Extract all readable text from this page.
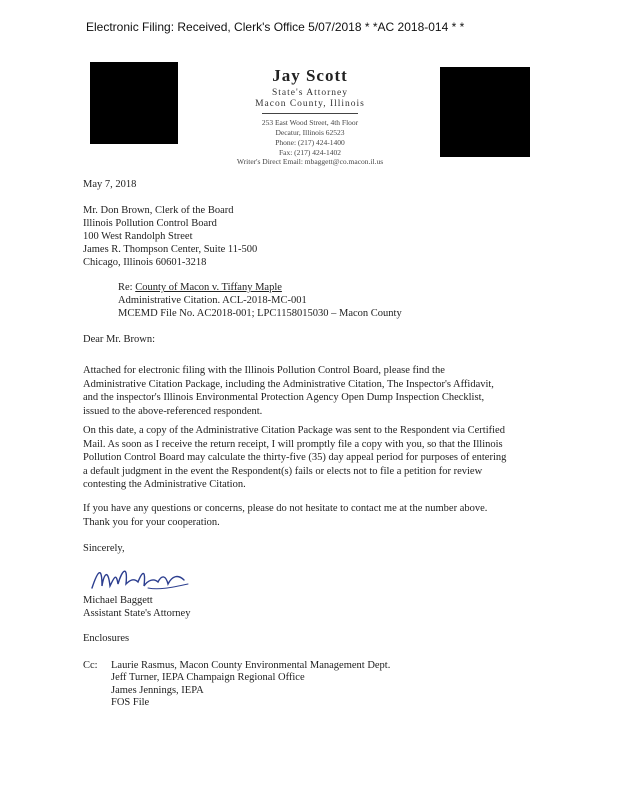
Electronic Filing: Received, Clerk's Office 5/07/2018 * *AC 2018-014 * *
Jay Scott
State's Attorney
Macon County, Illinois
253 East Wood Street, 4th Floor
Decatur, Illinois 62523
Phone: (217) 424-1400
Fax: (217) 424-1402
Writer's Direct Email: mbaggett@co.macon.il.us
May 7, 2018
Mr. Don Brown, Clerk of the Board
Illinois Pollution Control Board
100 West Randolph Street
James R. Thompson Center, Suite 11-500
Chicago, Illinois 60601-3218
Re: County of Macon v. Tiffany Maple
Administrative Citation. ACL-2018-MC-001
MCEMD File No. AC2018-001; LPC1158015030 – Macon County
Dear Mr. Brown:
Attached for electronic filing with the Illinois Pollution Control Board, please find the
Administrative Citation Package, including the Administrative Citation, The Inspector's Affidavit,
and the inspector's Illinois Environmental Protection Agency Open Dump Inspection Checklist,
issued to the above-referenced respondent.
On this date, a copy of the Administrative Citation Package was sent to the Respondent via Certified
Mail. As soon as I receive the return receipt, I will promptly file a copy with you, so that the Illinois
Pollution Control Board may calculate the thirty-five (35) day appeal period for purposes of entering
a default judgment in the event the Respondent(s) fails or elects not to file a petition for review
contesting the Administrative Citation.
If you have any questions or concerns, please do not hesitate to contact me at the number above.
Thank you for your cooperation.
Sincerely,
Michael Baggett
Assistant State's Attorney
Enclosures
Cc: Laurie Rasmus, Macon County Environmental Management Dept.
Jeff Turner, IEPA Champaign Regional Office
James Jennings, IEPA
FOS File
